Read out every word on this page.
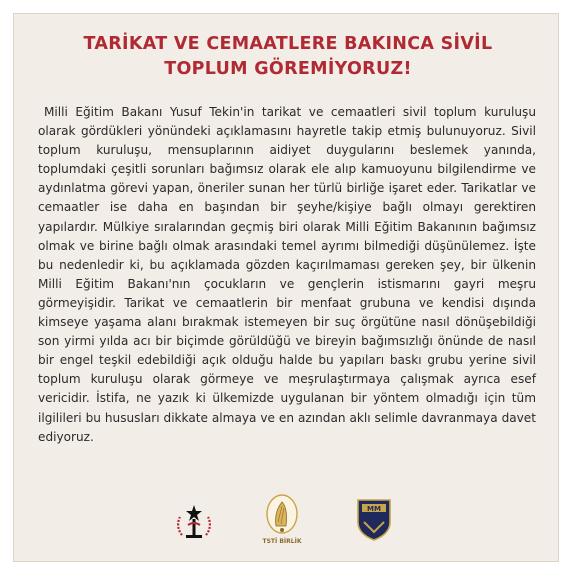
TARİKAT VE CEMAATLERE BAKINCA SİVİL
TOPLUM GÖREMİYORUZ!

Milli Eğitim Bakanı Yusuf Tekin'in tarikat ve cemaatleri sivil toplum kuruluşu olarak gördükleri yönündeki açıklamasını hayretle takip etmiş bulunuyoruz. Sivil toplum kuruluşu, mensuplarının aidiyet duygularını beslemek yanında, toplumdaki çeşitli sorunları bağımsız olarak ele alıp kamuoyunu bilgilendirme ve aydınlatma görevi yapan, öneriler sunan her türlü birliğe işaret eder. Tarikatlar ve cemaatler ise daha en başından bir şeyhe/kişiye bağlı olmayı gerektiren yapılardır. Mülkiye sıralarından geçmiş biri olarak Milli Eğitim Bakanının bağımsız olmak ve birine bağlı olmak arasındaki temel ayrımı bilmediği düşünülemez. İşte bu nedenledir ki, bu açıklamada gözden kaçırılmaması gereken şey, bir ülkenin Milli Eğitim Bakanı'nın çocukların ve gençlerin istismarını gayri meşru görmeyişidir. Tarikat ve cemaatlerin bir menfaat grubuna ve kendisi dışında kimseye yaşama alanı bırakmak istemeyen bir suç örgütüne nasıl dönüşebildiği son yirmi yılda acı bir biçimde görüldüğü ve bireyin bağımsızlığı önünde de nasıl bir engel teşkil edebildiği açık olduğu halde bu yapıları baskı grubu yerine sivil toplum kuruluşu olarak görmeye ve meşrulaştırmaya çalışmak ayrıca esef vericidir. İstifa, ne yazık ki ülkemizde uygulanan bir yöntem olmadığı için tüm ilgilileri bu hususları dikkate almaya ve en azından aklı selimle davranmaya davet ediyoruz.

TSTİ BİRLİK
MM
